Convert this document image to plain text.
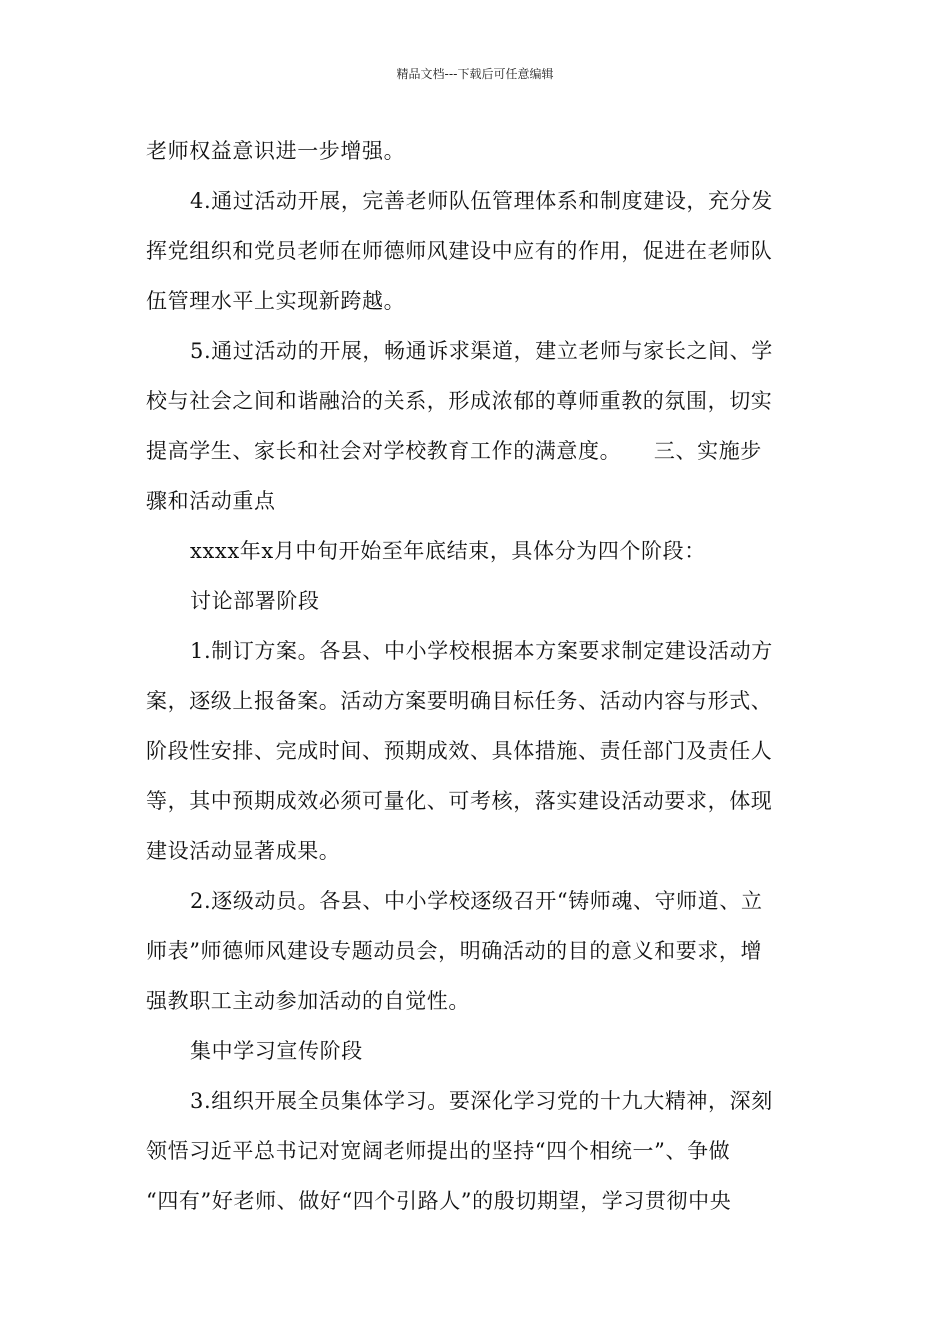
精品文档---下载后可任意编辑

老师权益意识进一步增强。

4.通过活动开展，完善老师队伍管理体系和制度建设，充分发

挥党组织和党员老师在师德师风建设中应有的作用，促进在老师队

伍管理水平上实现新跨越。

5.通过活动的开展，畅通诉求渠道，建立老师与家长之间、学

校与社会之间和谐融洽的关系，形成浓郁的尊师重教的氛围，切实

提高学生、家长和社会对学校教育工作的满意度。　　三、实施步

骤和活动重点

xxxx年x月中旬开始至年底结束，具体分为四个阶段：

讨论部署阶段

1.制订方案。各县、中小学校根据本方案要求制定建设活动方

案，逐级上报备案。活动方案要明确目标任务、活动内容与形式、

阶段性安排、完成时间、预期成效、具体措施、责任部门及责任人

等，其中预期成效必须可量化、可考核，落实建设活动要求，体现

建设活动显著成果。

2.逐级动员。各县、中小学校逐级召开“铸师魂、守师道、立

师表”师德师风建设专题动员会，明确活动的目的意义和要求，增

强教职工主动参加活动的自觉性。

集中学习宣传阶段

3.组织开展全员集体学习。要深化学习党的十九大精神，深刻

领悟习近平总书记对宽阔老师提出的坚持“四个相统一”、争做

“四有”好老师、做好“四个引路人”的殷切期望，学习贯彻中央
